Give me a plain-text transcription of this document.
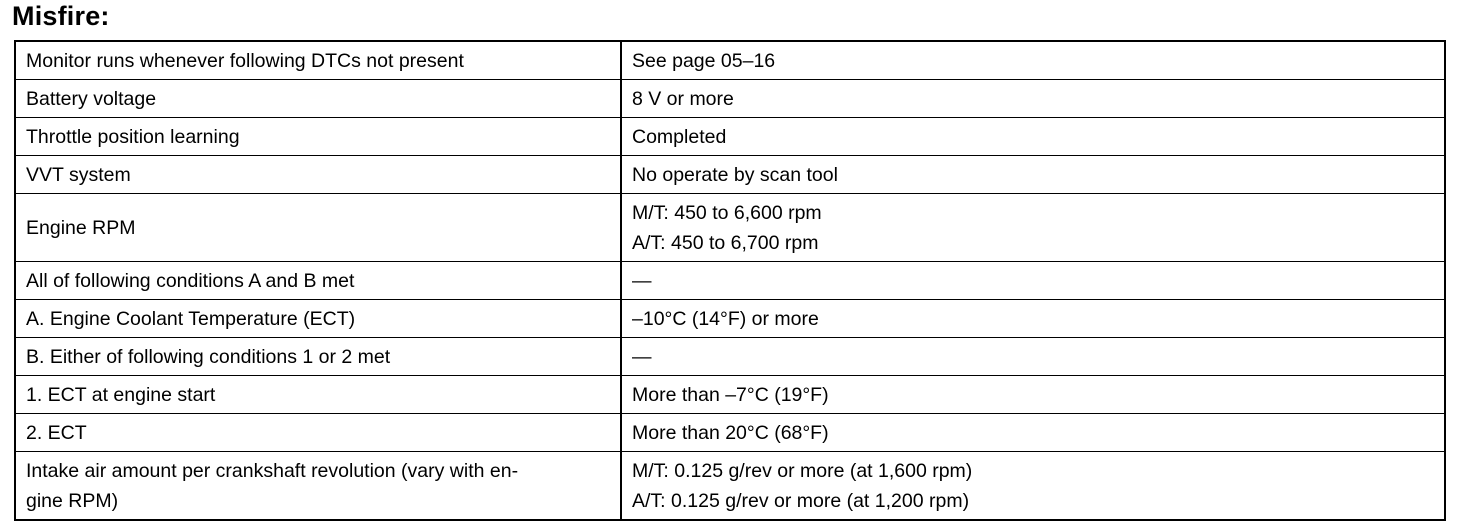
Misfire:
Monitor runs whenever following DTCs not present	See page 05–16
Battery voltage	8 V or more
Throttle position learning	Completed
VVT system	No operate by scan tool
Engine RPM	M/T: 450 to 6,600 rpm
A/T: 450 to 6,700 rpm

All of following conditions A and B met	—
A. Engine Coolant Temperature (ECT)	–10°C (14°F) or more
B. Either of following conditions 1 or 2 met	—
1. ECT at engine start	More than –7°C (19°F)
2. ECT	More than 20°C (68°F)

Intake air amount per crankshaft revolution (vary with en-
gine RPM)	M/T: 0.125 g/rev or more (at 1,600 rpm)
A/T: 0.125 g/rev or more (at 1,200 rpm)
